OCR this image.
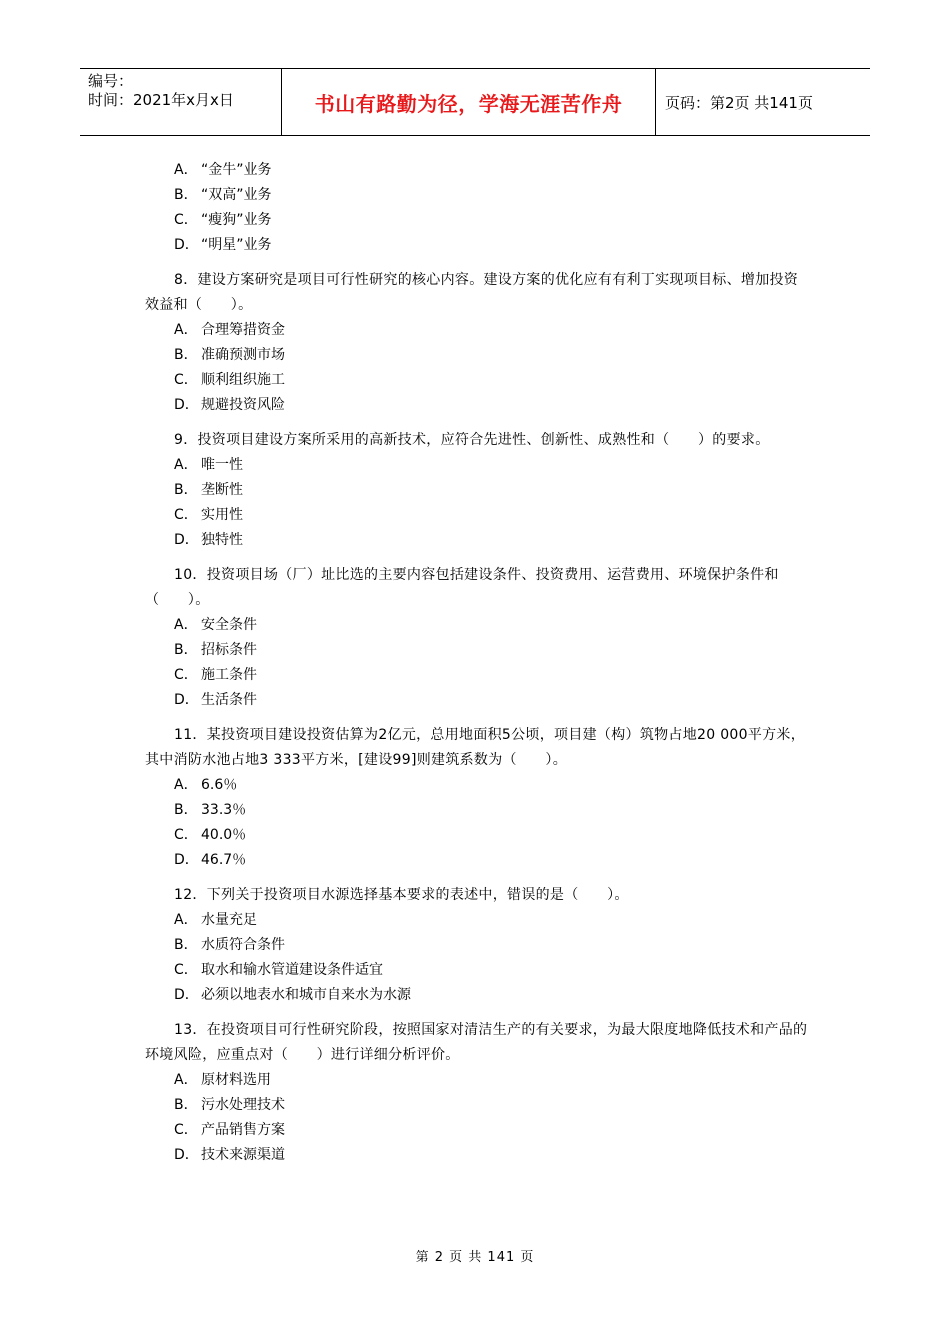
编号：
时间：2021年x月x日	书山有路勤为径，学海无涯苦作舟	页码：第2页 共141页
A． “金牛”业务
B． “双高”业务
C． “瘦狗”业务
D． “明星”业务
8．建设方案研究是项目可行性研究的核心内容。建设方案的优化应有有利丁实现项目标、增加投资效益和（　　）。
A． 合理筹措资金
B． 准确预测市场
C． 顺利组织施工
D． 规避投资风险
9．投资项目建设方案所采用的高新技术，应符合先进性、创新性、成熟性和（　　）的要求。
A． 唯一性
B． 垄断性
C． 实用性
D． 独特性
10．投资项目场（厂）址比选的主要内容包括建设条件、投资费用、运营费用、环境保护条件和（　　）。
A． 安全条件
B． 招标条件
C． 施工条件
D． 生活条件
11．某投资项目建设投资估算为2亿元，总用地面积5公顷，项目建（构）筑物占地20 000平方米，其中消防水池占地3 333平方米，[建设99]则建筑系数为（　　）。
A． 6.6％
B． 33.3％
C． 40.0％
D． 46.7％
12．下列关于投资项目水源选择基本要求的表述中，错误的是（　　）。
A． 水量充足
B． 水质符合条件
C． 取水和输水管道建设条件适宜
D． 必须以地表水和城市自来水为水源
13．在投资项目可行性研究阶段，按照国家对清洁生产的有关要求，为最大限度地降低技术和产品的环境风险，应重点对（　　）进行详细分析评价。
A． 原材料选用
B． 污水处理技术
C． 产品销售方案
D． 技术来源渠道
第 2 页 共 141 页
